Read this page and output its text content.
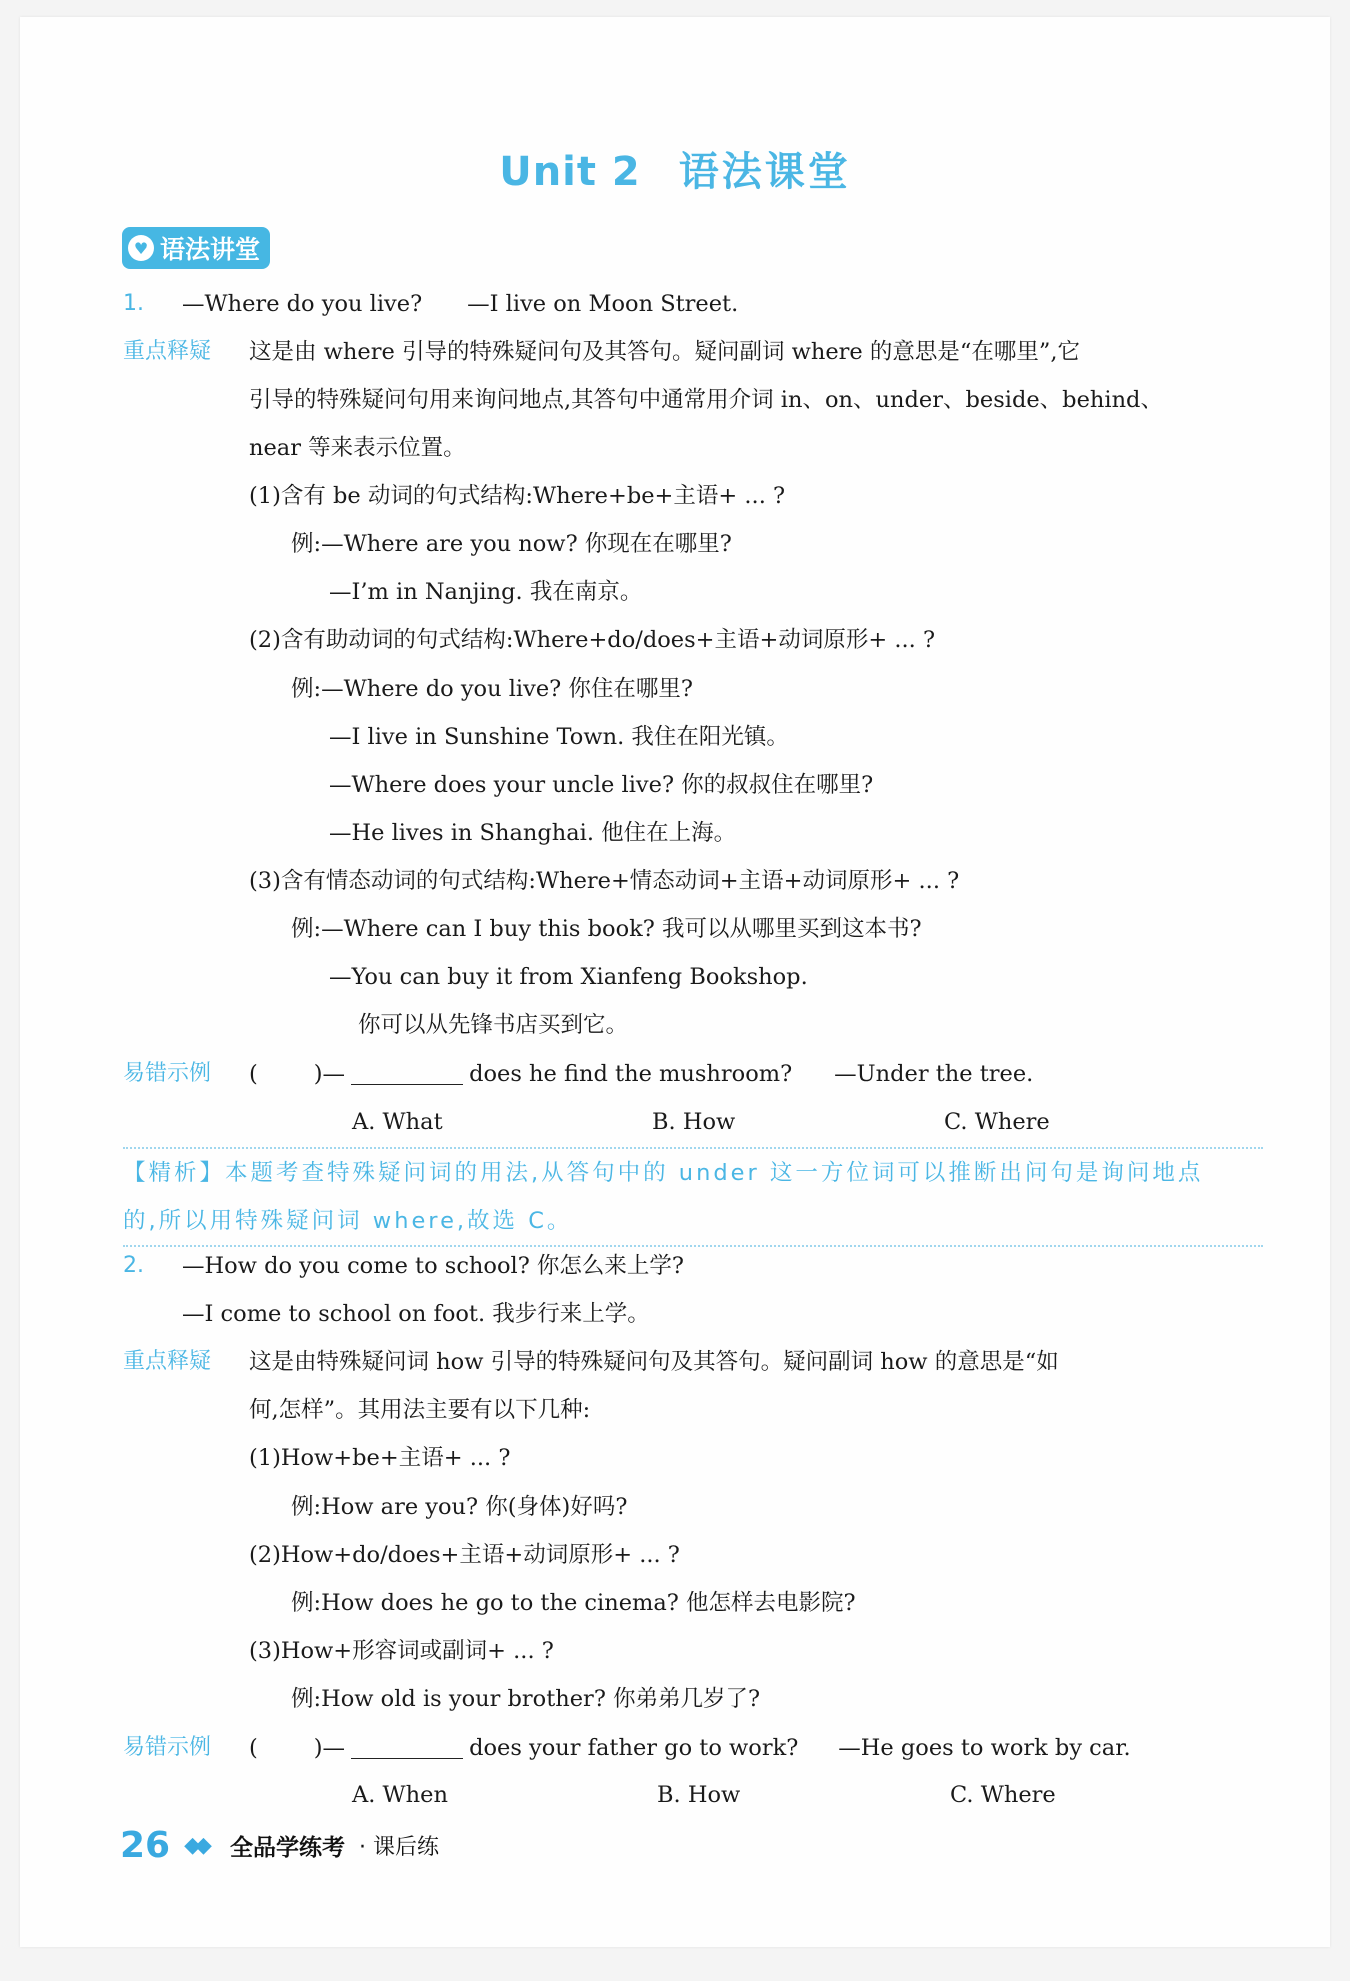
Unit 2 语法课堂
♥ 语法讲堂
1. —Where do you live?　　—I live on Moon Street.
重点释疑 这是由 where 引导的特殊疑问句及其答句。疑问副词 where 的意思是“在哪里”,它
引导的特殊疑问句用来询问地点,其答句中通常用介词 in、on、under、beside、behind、
near 等来表示位置。
(1)含有 be 动词的句式结构:Where+be+主语+ ... ?
例:—Where are you now? 你现在在哪里?
—I’m in Nanjing. 我在南京。
(2)含有助动词的句式结构:Where+do/does+主语+动词原形+ ... ?
例:—Where do you live? 你住在哪里?
—I live in Sunshine Town. 我住在阳光镇。
—Where does your uncle live? 你的叔叔住在哪里?
—He lives in Shanghai. 他住在上海。
(3)含有情态动词的句式结构:Where+情态动词+主语+动词原形+ ... ?
例:—Where can I buy this book? 我可以从哪里买到这本书?
—You can buy it from Xianfeng Bookshop.
你可以从先锋书店买到它。
易错示例 ( )—	does he find the mushroom? —Under the tree.
A. What	B. How	C. Where
【精析】本题考查特殊疑问词的用法,从答句中的 under 这一方位词可以推断出问句是询问地点
的,所以用特殊疑问词 where,故选 C。
2. —How do you come to school? 你怎么来上学?
—I come to school on foot. 我步行来上学。
重点释疑 这是由特殊疑问词 how 引导的特殊疑问句及其答句。疑问副词 how 的意思是“如
何,怎样”。其用法主要有以下几种:
(1)How+be+主语+ ... ?
例:How are you? 你(身体)好吗?
(2)How+do/does+主语+动词原形+ ... ?
例:How does he go to the cinema? 他怎样去电影院?
(3)How+形容词或副词+ ... ?
例:How old is your brother? 你弟弟几岁了?
易错示例 ( )—	does your father go to work? —He goes to work by car.
A. When	B. How	C. Where
26 ◆◆ 全品学练考 · 课后练
